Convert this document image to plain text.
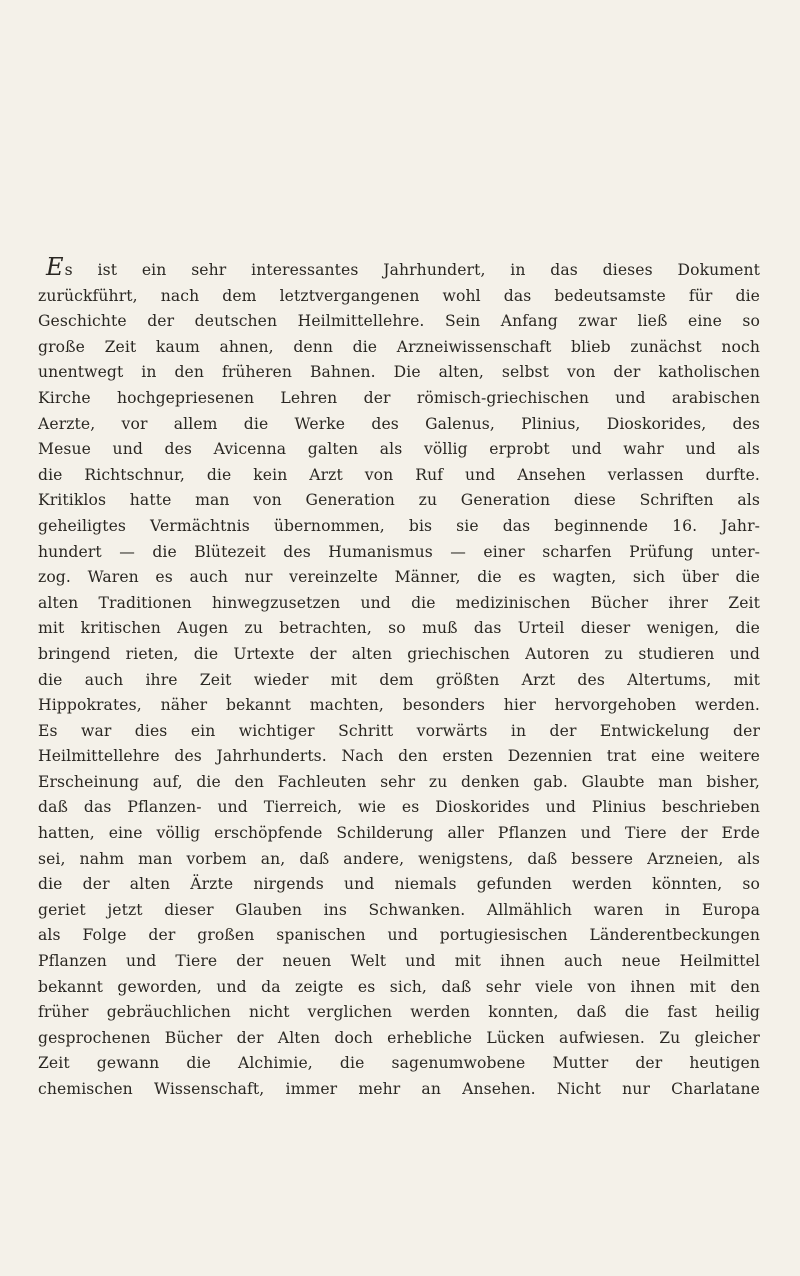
Es ist ein sehr interessantes Jahrhundert, in das dieses Dokument
zurückführt, nach dem letztvergangenen wohl das bedeutsamste für die
Geschichte der deutschen Heilmittellehre. Sein Anfang zwar ließ eine so
große Zeit kaum ahnen, denn die Arzneiwissenschaft blieb zunächst noch
unentwegt in den früheren Bahnen. Die alten, selbst von der katholischen
Kirche hochgepriesenen Lehren der römisch-griechischen und arabischen
Aerzte, vor allem die Werke des Galenus, Plinius, Dioskorides, des
Mesue und des Avicenna galten als völlig erprobt und wahr und als
die Richtschnur, die kein Arzt von Ruf und Ansehen verlassen durfte.
Kritiklos hatte man von Generation zu Generation diese Schriften als
geheiligtes Vermächtnis übernommen, bis sie das beginnende 16. Jahr-
hundert — die Blütezeit des Humanismus — einer scharfen Prüfung unter-
zog. Waren es auch nur vereinzelte Männer, die es wagten, sich über die
alten Traditionen hinwegzusetzen und die medizinischen Bücher ihrer Zeit
mit kritischen Augen zu betrachten, so muß das Urteil dieser wenigen, die
bringend rieten, die Urtexte der alten griechischen Autoren zu studieren und
die auch ihre Zeit wieder mit dem größten Arzt des Altertums, mit
Hippokrates, näher bekannt machten, besonders hier hervorgehoben werden.
Es war dies ein wichtiger Schritt vorwärts in der Entwickelung der
Heilmittellehre des Jahrhunderts. Nach den ersten Dezennien trat eine weitere
Erscheinung auf, die den Fachleuten sehr zu denken gab. Glaubte man bisher,
daß das Pflanzen- und Tierreich, wie es Dioskorides und Plinius beschrieben
hatten, eine völlig erschöpfende Schilderung aller Pflanzen und Tiere der Erde
sei, nahm man vorbem an, daß andere, wenigstens, daß bessere Arzneien, als
die der alten Ärzte nirgends und niemals gefunden werden könnten, so
geriet jetzt dieser Glauben ins Schwanken. Allmählich waren in Europa
als Folge der großen spanischen und portugiesischen Länderentbeckungen
Pflanzen und Tiere der neuen Welt und mit ihnen auch neue Heilmittel
bekannt geworden, und da zeigte es sich, daß sehr viele von ihnen mit den
früher gebräuchlichen nicht verglichen werden konnten, daß die fast heilig
gesprochenen Bücher der Alten doch erhebliche Lücken aufwiesen. Zu gleicher
Zeit gewann die Alchimie, die sagenumwobene Mutter der heutigen
chemischen Wissenschaft, immer mehr an Ansehen. Nicht nur Charlatane
